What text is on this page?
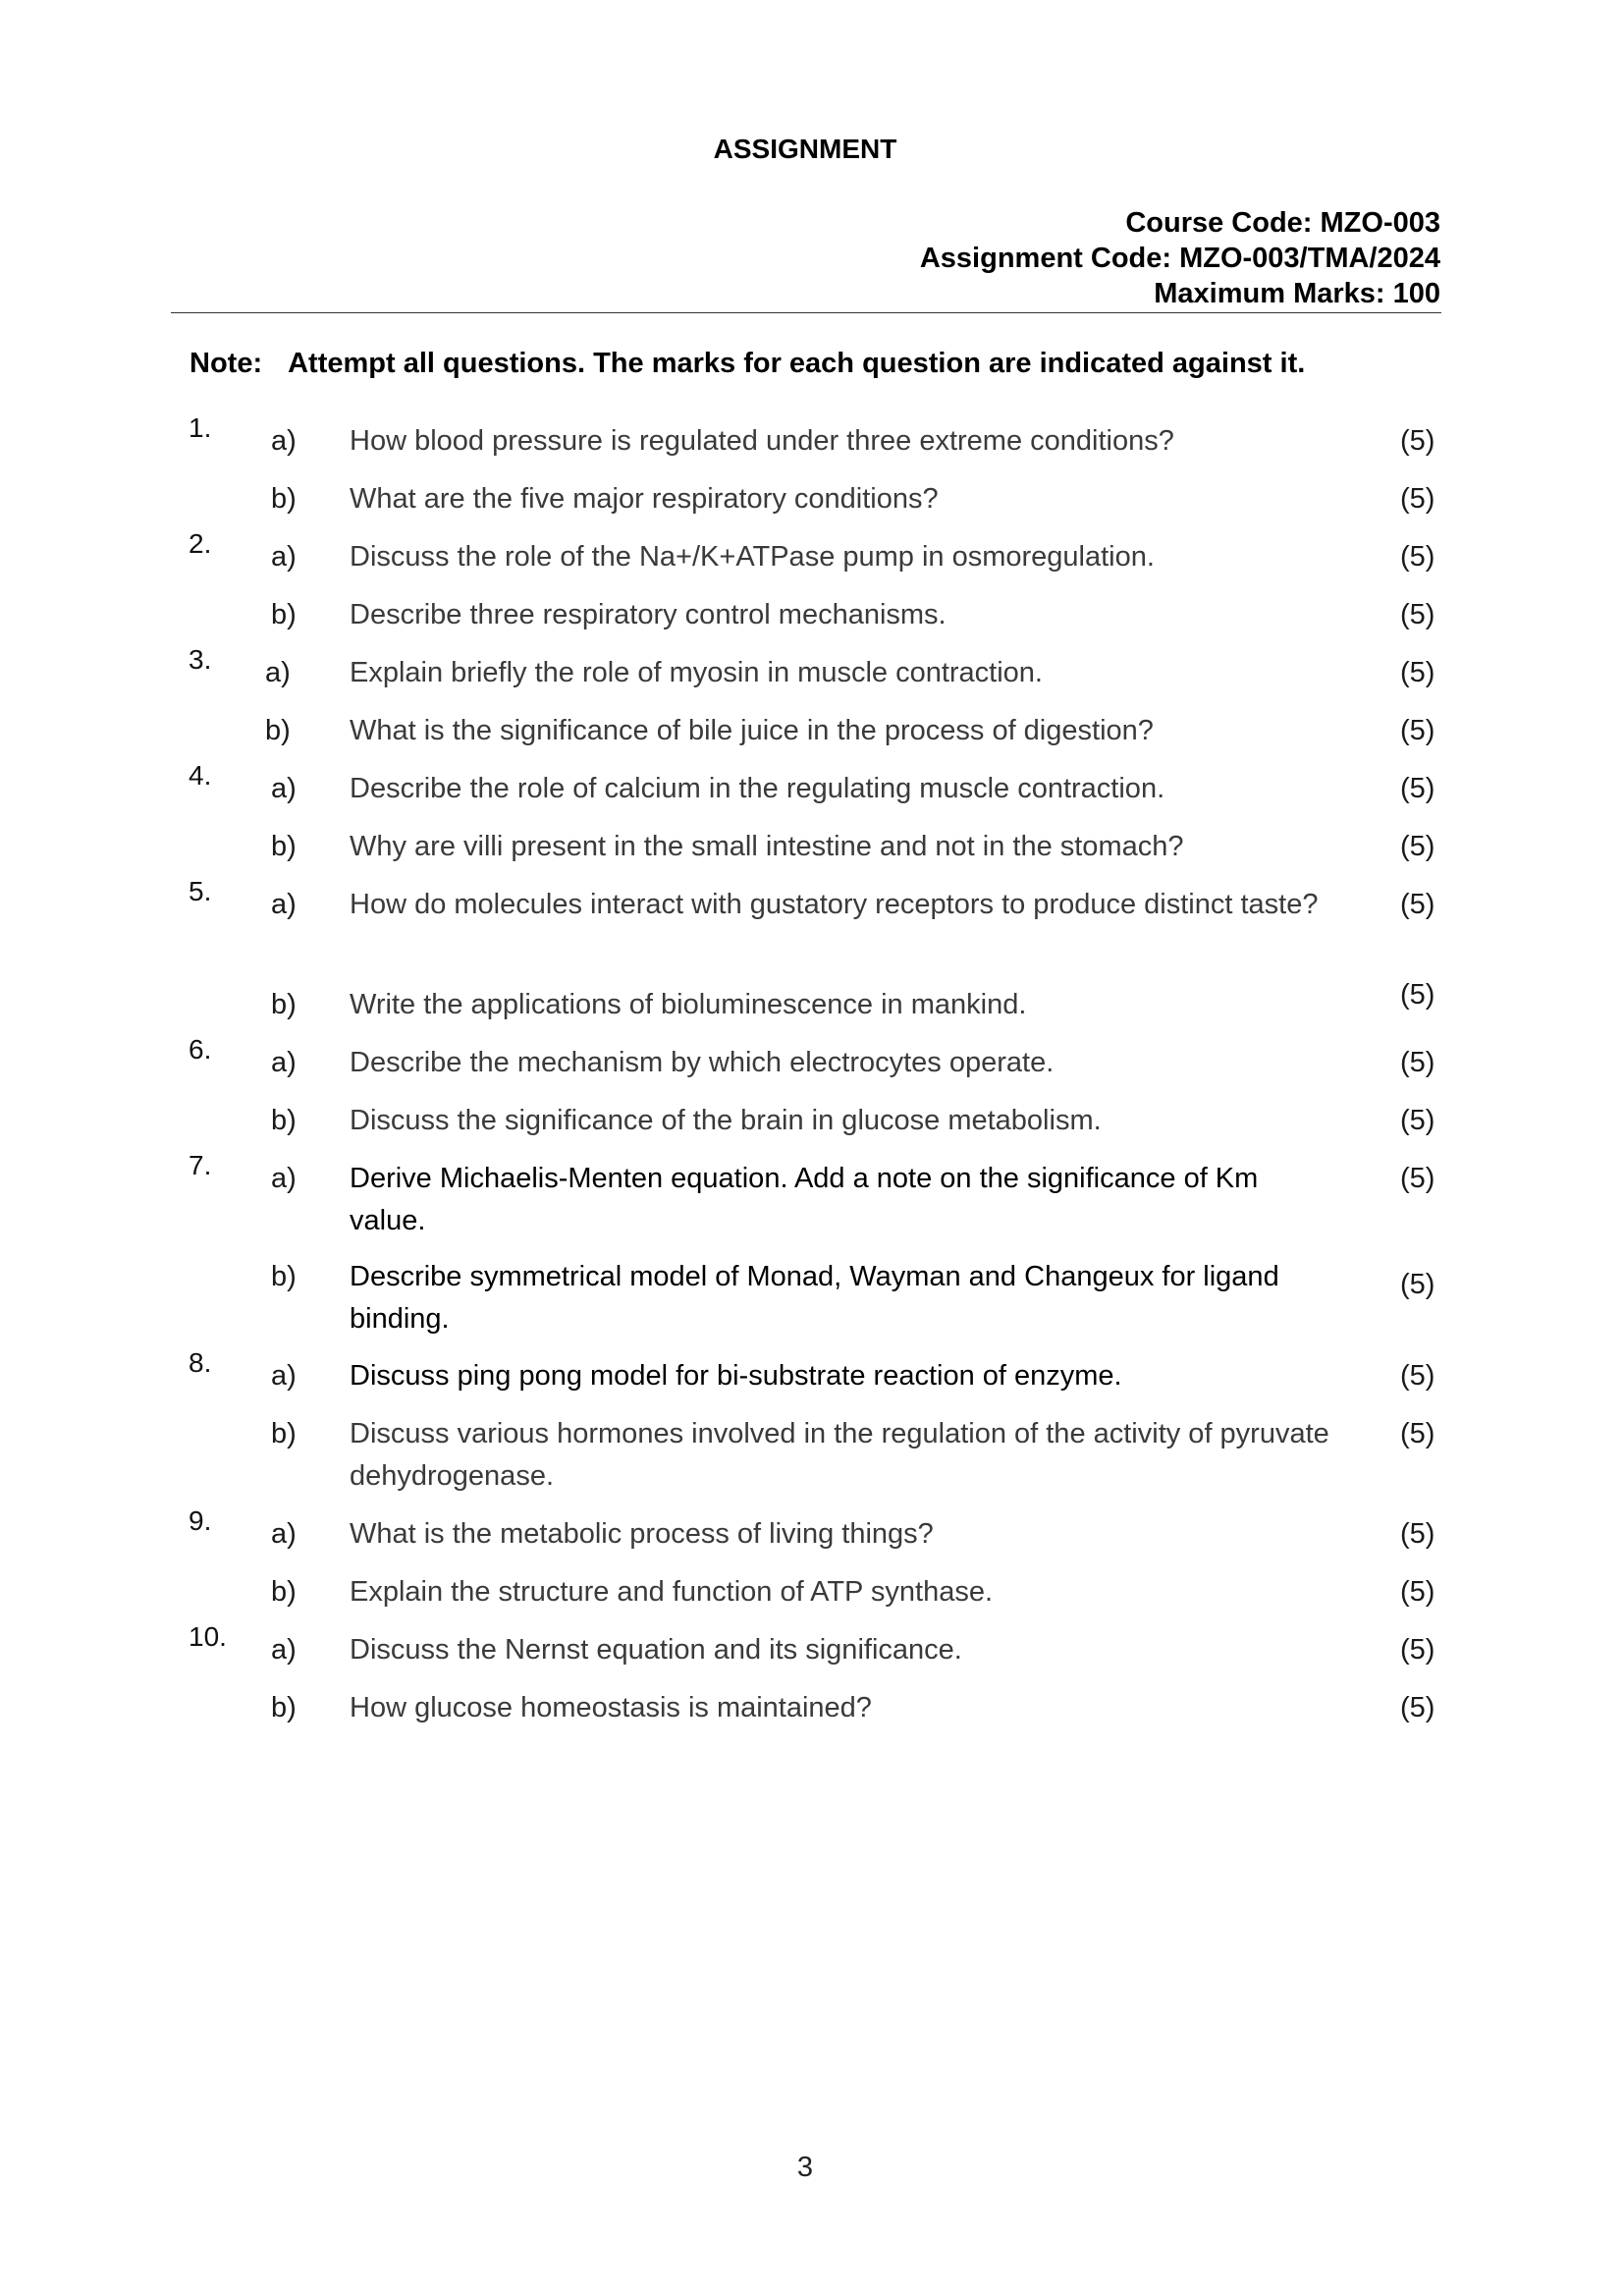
ASSIGNMENT
Course Code: MZO-003
Assignment Code: MZO-003/TMA/2024
Maximum Marks: 100
Note: Attempt all questions. The marks for each question are indicated against it.
1. a) How blood pressure is regulated under three extreme conditions?	(5)
b) What are the five major respiratory conditions?	(5)
2. a) Discuss the role of the Na+/K+ATPase pump in osmoregulation.	(5)
b) Describe three respiratory control mechanisms.	(5)
3. a) Explain briefly the role of myosin in muscle contraction.	(5)
b) What is the significance of bile juice in the process of digestion?	(5)
4. a) Describe the role of calcium in the regulating muscle contraction.	(5)
b) Why are villi present in the small intestine and not in the stomach?	(5)
5. a) How do molecules interact with gustatory receptors to produce distinct taste?	(5)
b) Write the applications of bioluminescence in mankind.	(5)
6. a) Describe the mechanism by which electrocytes operate.	(5)
b) Discuss the significance of the brain in glucose metabolism.	(5)
7. a) Derive Michaelis-Menten equation. Add a note on the significance of Km value.
(5)
b) Describe symmetrical model of Monad, Wayman and Changeux for ligand binding.
(5)
8. a) Discuss ping pong model for bi-substrate reaction of enzyme.	(5)
b) Discuss various hormones involved in the regulation of the activity of pyruvate dehydrogenase.
(5)
9. a) What is the metabolic process of living things?	(5)
b) Explain the structure and function of ATP synthase.	(5)
10. a) Discuss the Nernst equation and its significance.	(5)
b) How glucose homeostasis is maintained?	(5)
3
